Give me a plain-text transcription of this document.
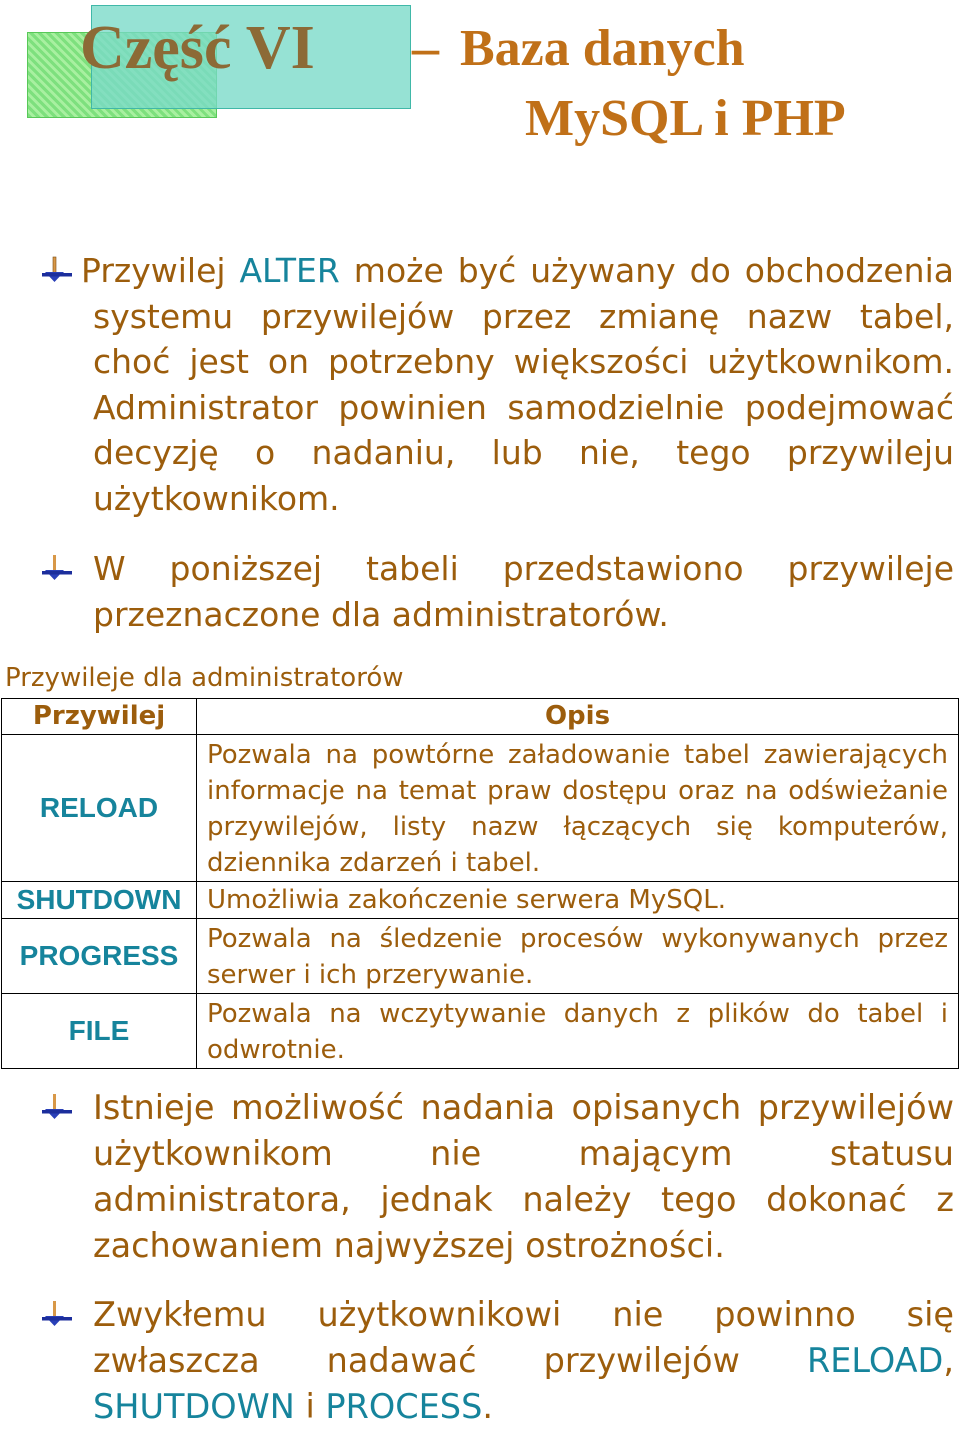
Część VI – Baza danych
MySQL i PHP
Przywilej ALTER może być używany do obchodzenia systemu przywilejów przez zmianę nazw tabel, choć jest on potrzebny większości użytkownikom. Administrator powinien samodzielnie podejmować decyzję o nadaniu, lub nie, tego przywileju użytkownikom.
W poniższej tabeli przedstawiono przywileje przeznaczone dla administratorów.
Przywileje dla administratorów
Przywilej	Opis
RELOAD	Pozwala na powtórne załadowanie tabel zawierających informacje na temat praw dostępu oraz na odświeżanie przywilejów, listy nazw łączących się komputerów, dziennika zdarzeń i tabel.
SHUTDOWN	Umożliwia zakończenie serwera MySQL.
PROGRESS	Pozwala na śledzenie procesów wykonywanych przez serwer i ich przerywanie.
FILE	Pozwala na wczytywanie danych z plików do tabel i odwrotnie.
Istnieje możliwość nadania opisanych przywilejów użytkownikom nie mającym statusu administratora, jednak należy tego dokonać z zachowaniem najwyższej ostrożności.
Zwykłemu użytkownikowi nie powinno się zwłaszcza nadawać przywilejów RELOAD, SHUTDOWN i PROCESS.
